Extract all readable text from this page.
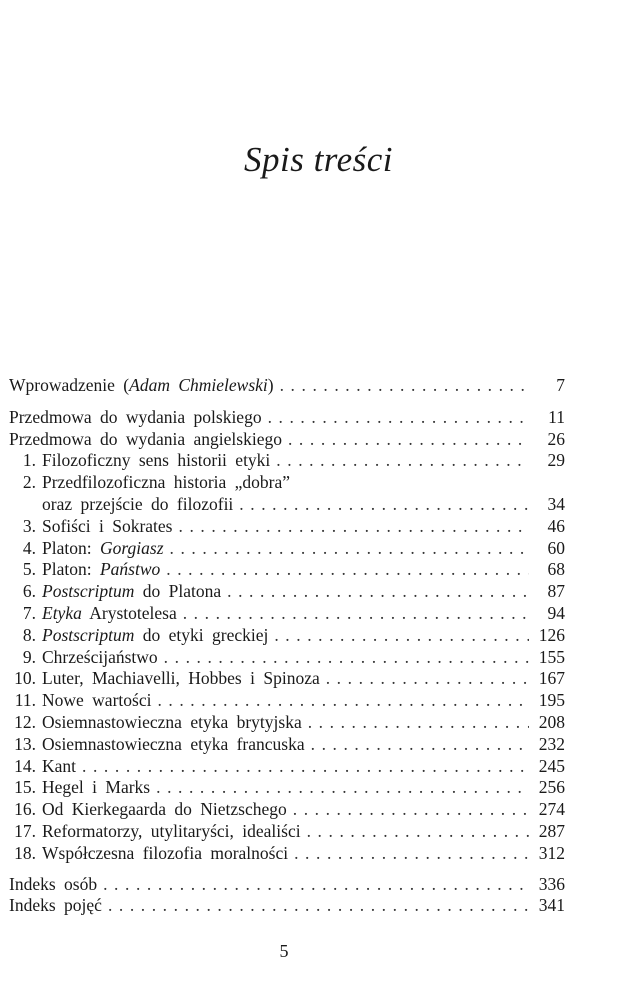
Spis treści
Wprowadzenie (Adam Chmielewski) . . .	7
Przedmowa do wydania polskiego . . .	11
Przedmowa do wydania angielskiego . . .	26
1. Filozoficzny sens historii etyki . . .	29
2. Przedfilozoficzna historia „dobra”
oraz przejście do filozofii . . .	34
3. Sofiści i Sokrates . . .	46
4. Platon: Gorgiasz . . .	60
5. Platon: Państwo . . .	68
6. Postscriptum do Platona . . .	87
7. Etyka Arystotelesa . . .	94
8. Postscriptum do etyki greckiej . . .	126
9. Chrześcijaństwo . . .	155
10. Luter, Machiavelli, Hobbes i Spinoza . . .	167
11. Nowe wartości . . .	195
12. Osiemnastowieczna etyka brytyjska . . .	208
13. Osiemnastowieczna etyka francuska . . .	232
14. Kant . . .	245
15. Hegel i Marks . . .	256
16. Od Kierkegaarda do Nietzschego . . .	274
17. Reformatorzy, utylitaryści, idealiści . . .	287
18. Współczesna filozofia moralności . . .	312
Indeks osób . . .	336
Indeks pojęć . . .	341
5
